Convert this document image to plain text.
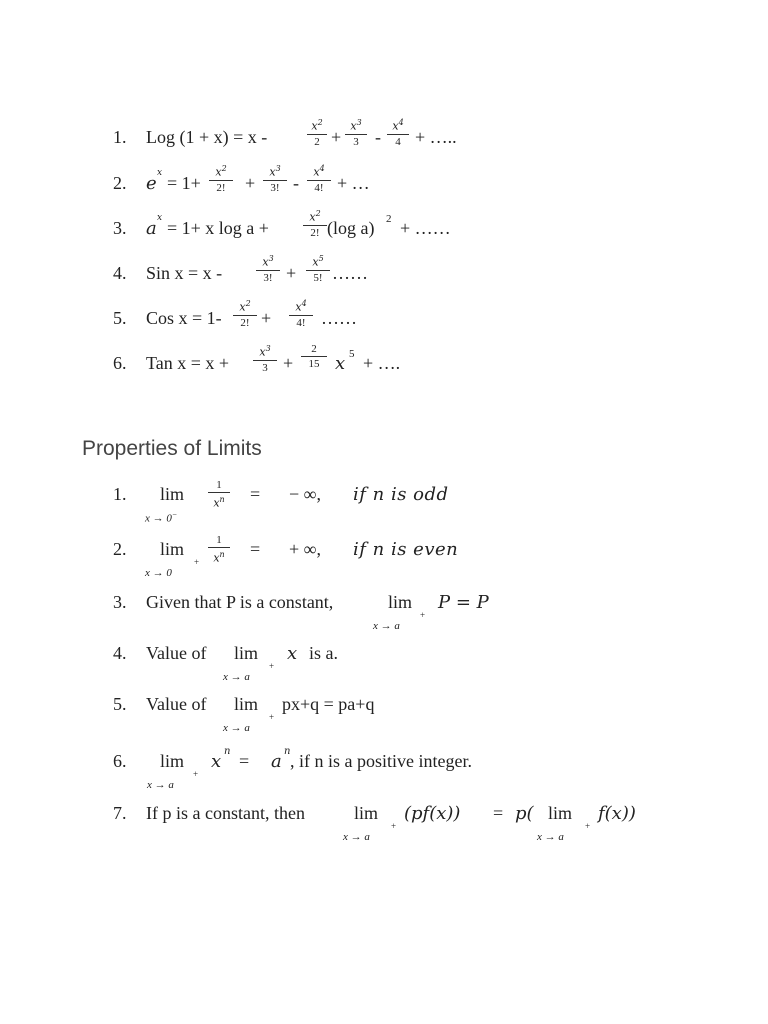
1.	Log (1 + x) = x -
$x^2$
2 +
$x^3$
3 -
$x^4$
4 + …..
2.	e x = 1+
$x^2$
2!	+
$x^3$
3! -
$x^4$
4! + …
3.	a x = 1+ x log a +
$x^2$
2! (log a) 2 + ……
4.	Sin x = x -
$x^3$
3! +
$x^5$
5! ……
5.	Cos x = 1-
$x^2$
2! +
$x^4$
4! ……
6.	Tan x = x +
$x^3$
3 +
2
15 x 5 + ….
Properties of Limits
1.	lim
x → 0−
1
$x^n$ = − ∞, if n is odd
2.	lim
x → 0
+
1
$x^n$ = + ∞, if n is even
3.	Given that P is a constant,	lim
x → a
+
P = P
4.	Value of lim
x → a
+
x is a.
5.	Value of lim
x → a
+
px+q = pa+q
6.	lim
x → a
+
x n = a n , if n is a positive integer.
7.	If p is a constant, then	lim
x → a
+
(pf(x)) = p( lim
x → a
+
f(x))
